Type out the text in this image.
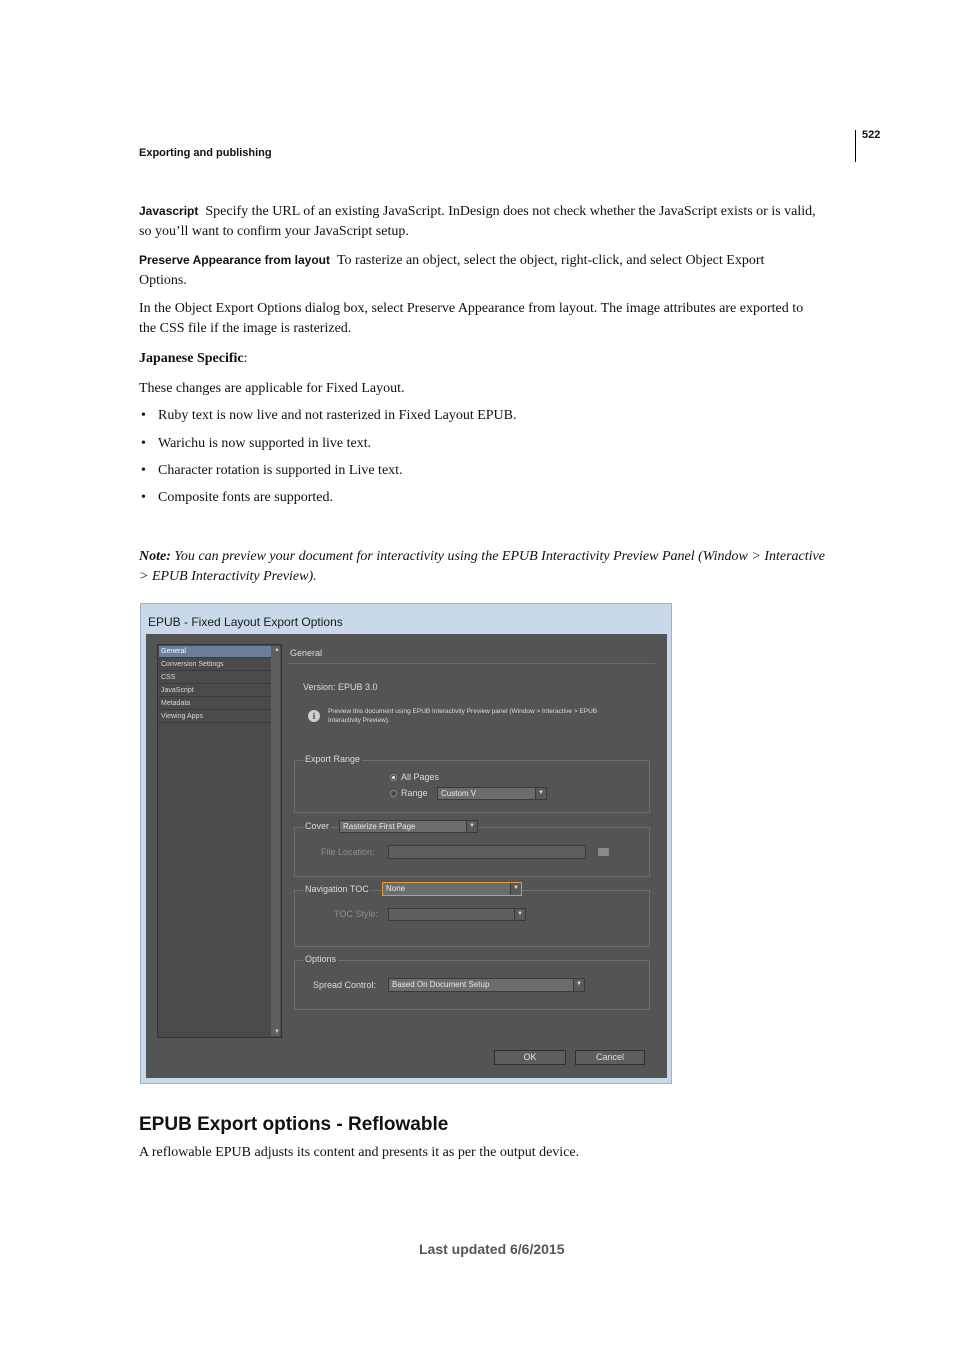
522
Exporting and publishing
Javascript Specify the URL of an existing JavaScript. InDesign does not check whether the JavaScript exists or is valid,
so you’ll want to confirm your JavaScript setup.
Preserve Appearance from layout To rasterize an object, select the object, right-click, and select Object Export
Options.
In the Object Export Options dialog box, select Preserve Appearance from layout. The image attributes are exported to
the CSS file if the image is rasterized.
Japanese Specific:
These changes are applicable for Fixed Layout.
• Ruby text is now live and not rasterized in Fixed Layout EPUB.
• Warichu is now supported in live text.
• Character rotation is supported in Live text.
• Composite fonts are supported.
Note: You can preview your document for interactivity using the EPUB Interactivity Preview Panel (Window > Interactive
> EPUB Interactivity Preview).
EPUB - Fixed Layout Export Options
General
Conversion Settings
CSS
JavaScript
Metadata
Viewing Apps
▲
▼
General
Version: EPUB 3.0
i	Preview this document using EPUB Interactivity Preview panel (Window > Interactive > EPUB
Interactivity Preview).
Export Range
All Pages
Range	Custom V	▼
Cover	Rasterize First Page	▼
File Location:
Navigation TOC	None	▼
TOC Style:	▼
Options
Spread Control:	Based On Document Setup	▼
OK	Cancel
EPUB Export options - Reflowable
A reflowable EPUB adjusts its content and presents it as per the output device.
Last updated 6/6/2015
